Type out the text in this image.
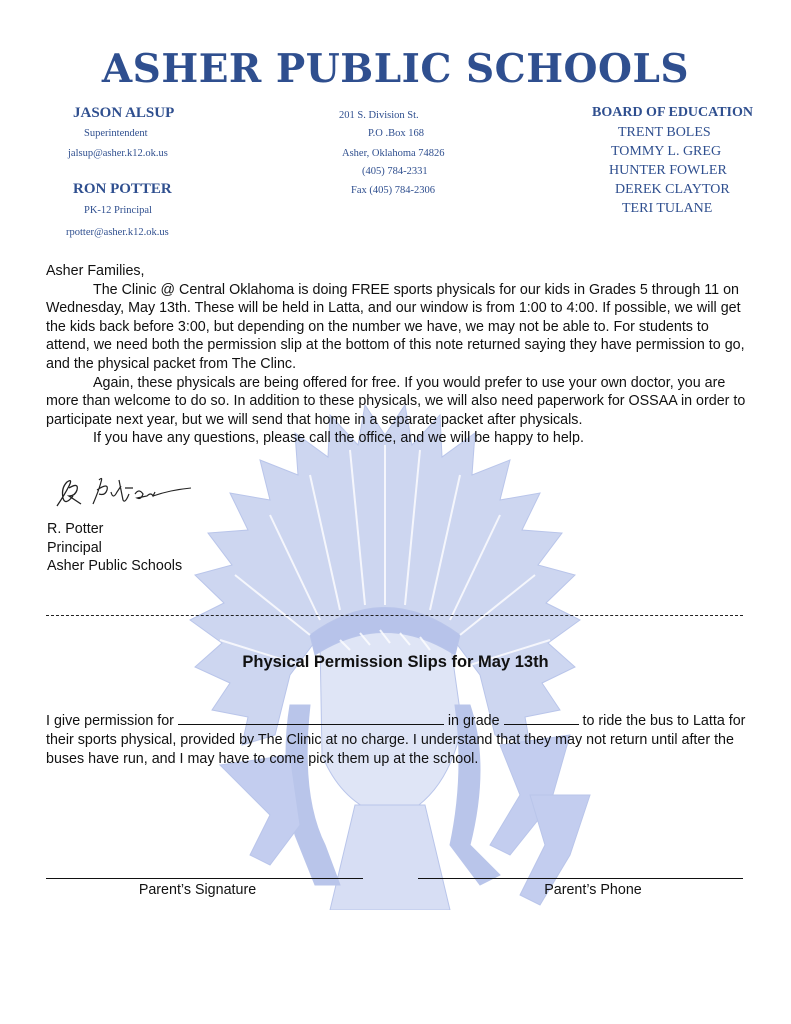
ASHER PUBLIC SCHOOLS
JASON ALSUP
Superintendent
jalsup@asher.k12.ok.us
RON POTTER
PK-12 Principal
rpotter@asher.k12.ok.us
201 S. Division St.
P.O .Box 168
Asher, Oklahoma 74826
(405) 784-2331
Fax (405) 784-2306
BOARD OF EDUCATION
TRENT BOLES
TOMMY L. GREG
HUNTER FOWLER
DEREK CLAYTOR
TERI TULANE

Asher Families,

The Clinic @ Central Oklahoma is doing FREE sports physicals for our kids in Grades 5 through 11 on Wednesday, May 13th. These will be held in Latta, and our window is from 1:00 to 4:00. If possible, we will get the kids back before 3:00, but depending on the number we have, we may not be able to. For students to attend, we need both the permission slip at the bottom of this note returned saying they have permission to go, and the physical packet from The Clinc.

Again, these physicals are being offered for free. If you would prefer to use your own doctor, you are more than welcome to do so. In addition to these physicals, we will also need paperwork for OSSAA in order to participate next year, but we will send that home in a separate packet after physicals.

If you have any questions, please call the office, and we will be happy to help.

R. Potter
Principal
Asher Public Schools
Physical Permission Slips for May 13th
I give permission for	in grade	to ride the bus to Latta for their sports physical, provided by The Clinic at no charge. I understand that they may not return until after the buses have run, and I may have to come pick them up at the school.
Parent’s Signature	Parent’s Phone
